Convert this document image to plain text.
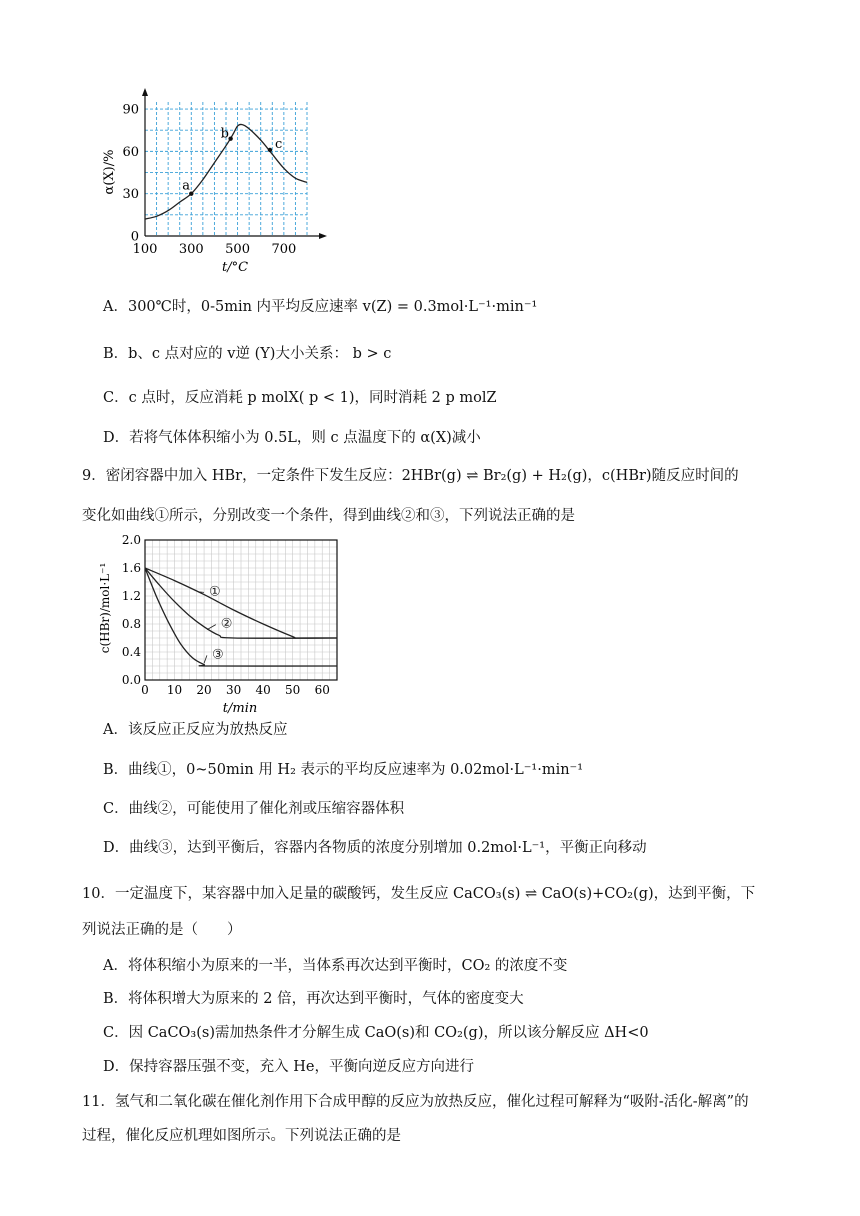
100 300 500 700
0
30
60
90
a
b
c
α(X)/%
t/°C
A．300℃时，0-5min 内平均反应速率 v(Z) = 0.3mol·L⁻¹·min⁻¹
B．b、c 点对应的 v逆 (Y)大小关系： b > c
C．c 点时，反应消耗 p molX( p < 1)，同时消耗 2 p molZ
D．若将气体体积缩小为 0.5L，则 c 点温度下的 α(X)减小
9．密闭容器中加入 HBr，一定条件下发生反应：2HBr(g) ⇌ Br₂(g) + H₂(g)，c(HBr)随反应时间的
变化如曲线①所示，分别改变一个条件，得到曲线②和③，下列说法正确的是
0 10 20 30 40 50 60
0.0
0.4
0.8
1.2
1.6
2.0
①
②
③
c(HBr)/mol·L⁻¹
t/min
A．该反应正反应为放热反应
B．曲线①，0~50min 用 H₂ 表示的平均反应速率为 0.02mol·L⁻¹·min⁻¹
C．曲线②，可能使用了催化剂或压缩容器体积
D．曲线③，达到平衡后，容器内各物质的浓度分别增加 0.2mol·L⁻¹，平衡正向移动
10．一定温度下，某容器中加入足量的碳酸钙，发生反应 CaCO₃(s) ⇌ CaO(s)+CO₂(g)，达到平衡，下
列说法正确的是（　　）
A．将体积缩小为原来的一半，当体系再次达到平衡时，CO₂ 的浓度不变
B．将体积增大为原来的 2 倍，再次达到平衡时，气体的密度变大
C．因 CaCO₃(s)需加热条件才分解生成 CaO(s)和 CO₂(g)，所以该分解反应 ΔH<0
D．保持容器压强不变，充入 He，平衡向逆反应方向进行
11．氢气和二氧化碳在催化剂作用下合成甲醇的反应为放热反应，催化过程可解释为“吸附-活化-解离”的
过程，催化反应机理如图所示。下列说法正确的是
